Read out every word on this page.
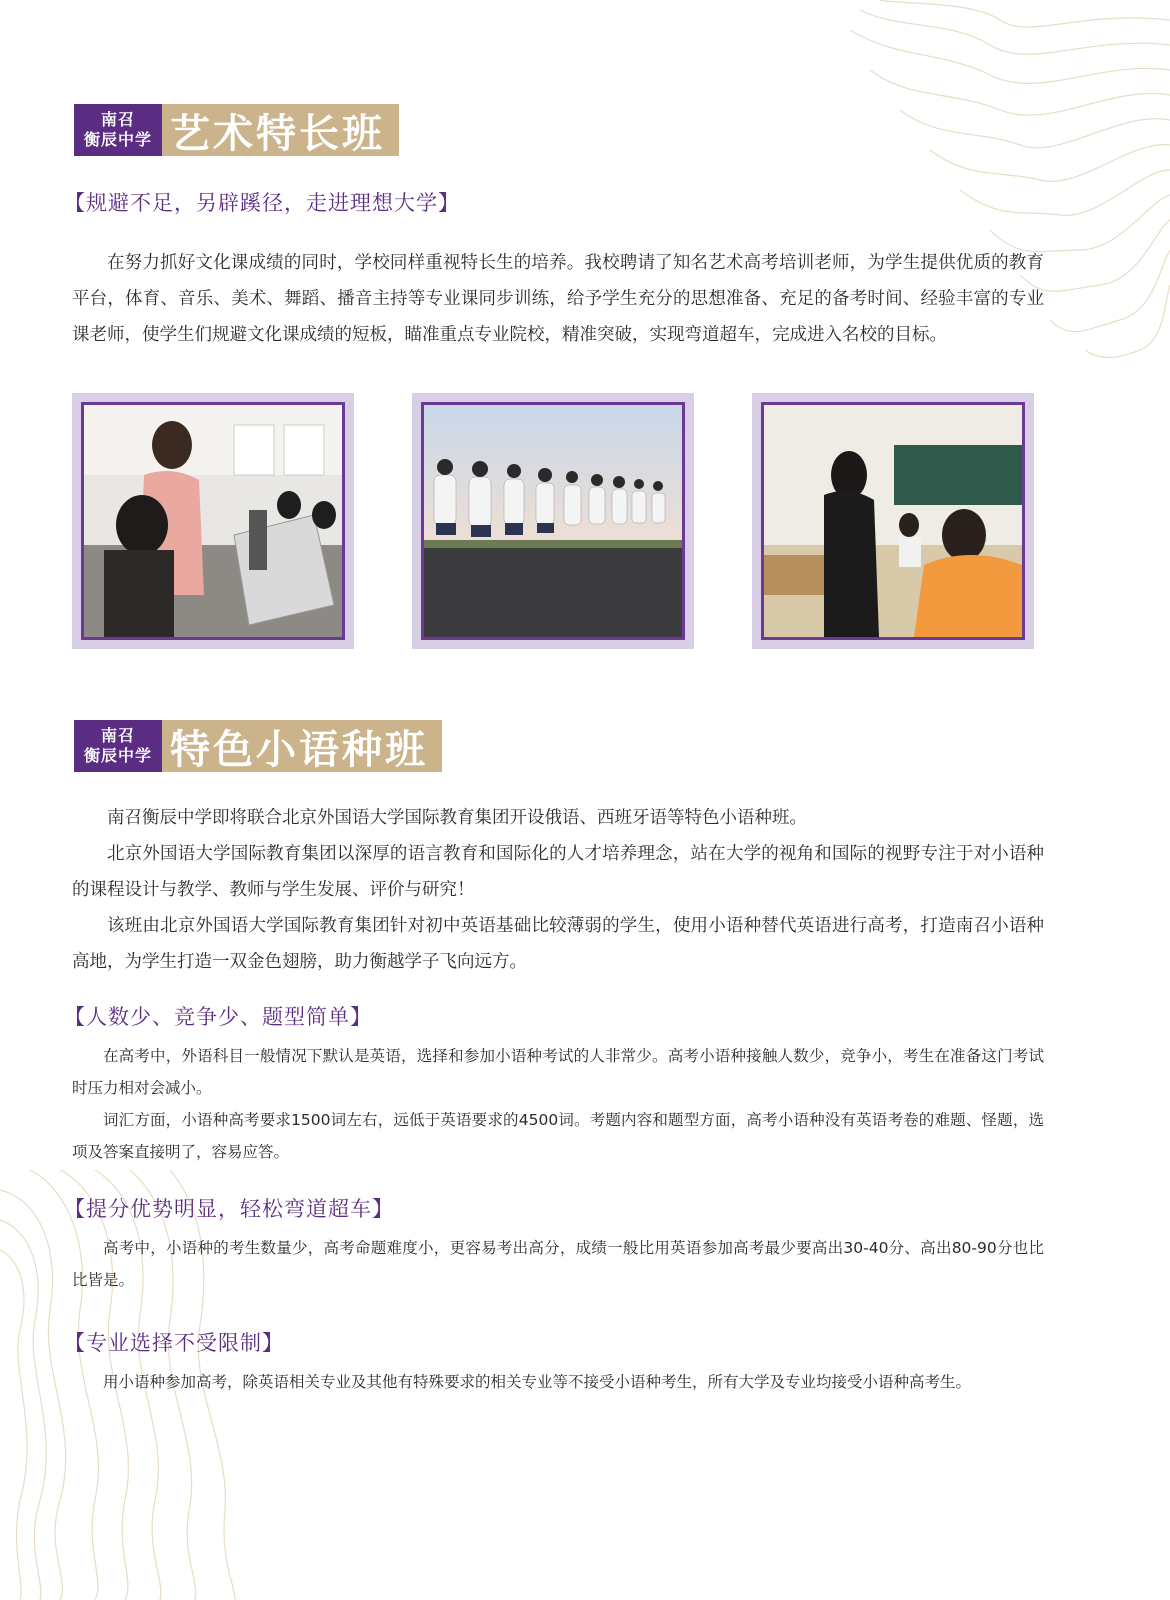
南召
衡辰中学 艺术特长班
【规避不足，另辟蹊径，走进理想大学】

在努力抓好文化课成绩的同时，学校同样重视特长生的培养。我校聘请了知名艺术高考培训老师，为学生提供优质的教育平台，体育、音乐、美术、舞蹈、播音主持等专业课同步训练，给予学生充分的思想准备、充足的备考时间、经验丰富的专业课老师，使学生们规避文化课成绩的短板，瞄准重点专业院校，精准突破，实现弯道超车，完成进入名校的目标。

南召
衡辰中学 特色小语种班

南召衡辰中学即将联合北京外国语大学国际教育集团开设俄语、西班牙语等特色小语种班。

北京外国语大学国际教育集团以深厚的语言教育和国际化的人才培养理念，站在大学的视角和国际的视野专注于对小语种的课程设计与教学、教师与学生发展、评价与研究！

该班由北京外国语大学国际教育集团针对初中英语基础比较薄弱的学生，使用小语种替代英语进行高考，打造南召小语种高地，为学生打造一双金色翅膀，助力衡越学子飞向远方。

【人数少、竞争少、题型简单】

在高考中，外语科目一般情况下默认是英语，选择和参加小语种考试的人非常少。高考小语种接触人数少，竞争小，考生在准备这门考试时压力相对会减小。

词汇方面，小语种高考要求1500词左右，远低于英语要求的4500词。考题内容和题型方面，高考小语种没有英语考卷的难题、怪题，选项及答案直接明了，容易应答。

【提分优势明显，轻松弯道超车】

高考中，小语种的考生数量少，高考命题难度小，更容易考出高分，成绩一般比用英语参加高考最少要高出30-40分、高出80-90分也比比皆是。

【专业选择不受限制】

用小语种参加高考，除英语相关专业及其他有特殊要求的相关专业等不接受小语种考生，所有大学及专业均接受小语种高考生。
